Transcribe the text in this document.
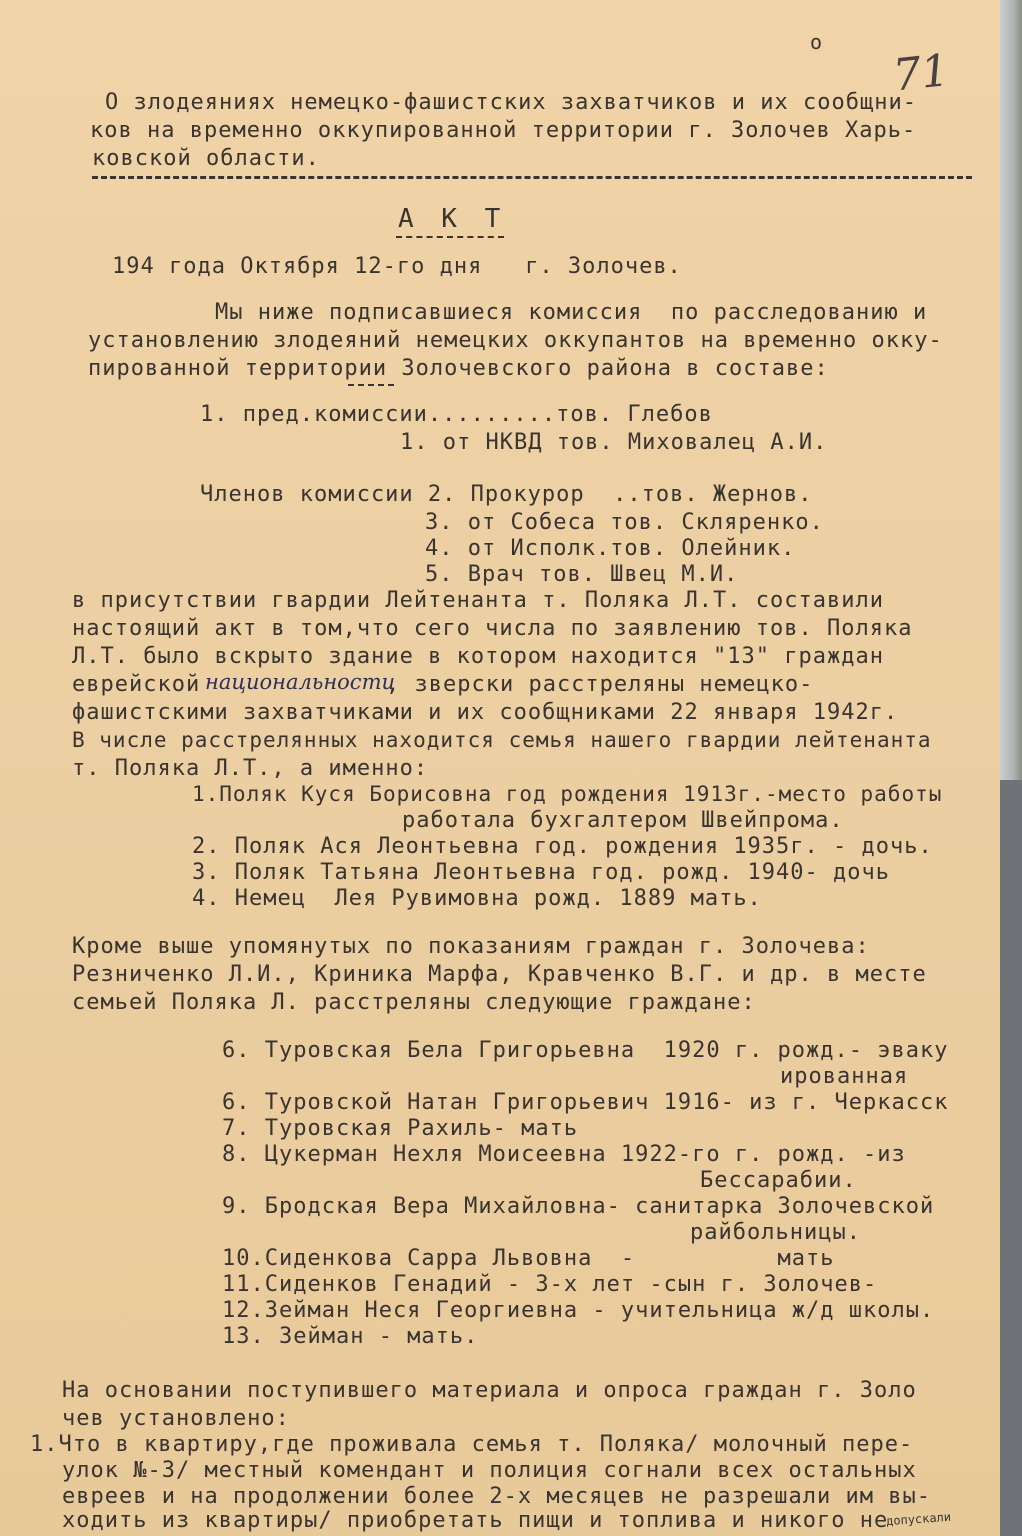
о
71
О злодеяниях немецко-фашистских захватчиков и их сообщни-
ков на временно оккупированной территории г. Золочев Харь-
ковской области.
А К Т
194 года Октября 12-го дня   г. Золочев.
Мы ниже подписавшиеся комиссия  по расследованию и
установлению злодеяний немецких оккупантов на временно окку-
пированной территории Золочевского района в составе:
1. пред.комиссии.........тов. Глебов
1. от НКВД тов. Миховалец А.И.
Членов комиссии 2. Прокурор  ..тов. Жернов.
3. от Собеса тов. Скляренко.
4. от Исполк.тов. Олейник.
5. Врач тов. Швец М.И.
в присутствии гвардии Лейтенанта т. Поляка Л.Т. составили
настоящий акт в том,что сего числа по заявлению тов. Поляка
Л.Т. было вскрыто здание в котором находится "13" граждан
еврейской национальности
, зверски расстреляны немецко-
фашистскими захватчиками и их сообщниками 22 января 1942г.
В числе расстрелянных находится семья нашего гвардии лейтенанта
т. Поляка Л.Т., а именно:
1.Поляк Куся Борисовна год рождения 1913г.-место работы
работала бухгалтером Швейпрома.
2. Поляк Ася Леонтьевна год. рождения 1935г. - дочь.
3. Поляк Татьяна Леонтьевна год. рожд. 1940- дочь
4. Немец  Лея Рувимовна рожд. 1889 мать.
Кроме выше упомянутых по показаниям граждан г. Золочева:
Резниченко Л.И., Криника Марфа, Кравченко В.Г. и др. в месте
семьей Поляка Л. расстреляны следующие граждане:
6. Туровская Бела Григорьевна  1920 г. рожд.- эваку
ированная
6. Туровской Натан Григорьевич 1916- из г. Черкасск
7. Туровская Рахиль- мать
8. Цукерман Нехля Моисеевна 1922-го г. рожд. -из
Бессарабии.
9. Бродская Вера Михайловна- санитарка Золочевской
райбольницы.
10.Сиденкова Сарра Львовна  -          мать
11.Сиденков Генадий - 3-х лет -сын г. Золочев-
12.Зейман Неся Георгиевна - учительница ж/д школы.
13. Зейман - мать.
На основании поступившего материала и опроса граждан г. Золо
чев установлено:
1.Что в квартиру,где проживала семья т. Поляка/ молочный пере-
улок №-3/ местный комендант и полиция согнали всех остальных
евреев и на продолжении более 2-х месяцев не разрешали им вы-
ходить из квартиры/ приобретать пищи и топлива и никого не
допускали
